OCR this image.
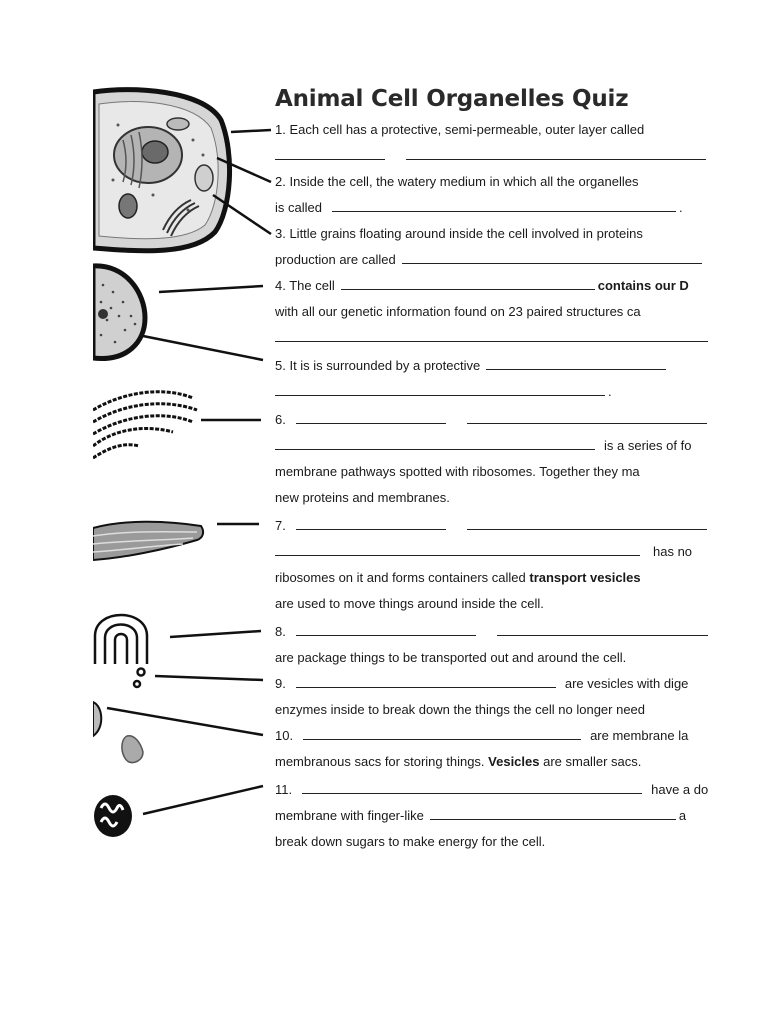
Animal Cell Organelles Quiz
1. Each cell has a protective, semi-permeable, outer layer called
2. Inside the cell, the watery medium in which all the organelles
is called	.
3. Little grains floating around inside the cell involved in proteins
production are called
4. The cell	contains our D
with all our genetic information found on 23 paired structures ca
5. It is is surrounded by a protective
.
6.
is a series of fo
membrane pathways spotted with ribosomes. Together they ma
new proteins and membranes.
7.
has no
ribosomes on it and forms containers called transport vesicles
are used to move things around inside the cell.
8.
are package things to be transported out and around the cell.
9.	are vesicles with dige
enzymes inside to break down the things the cell no longer need
10.	are membrane la
membranous sacs for storing things. Vesicles are smaller sacs.
11.	have a do
membrane with finger-like	a
break down sugars to make energy for the cell.
